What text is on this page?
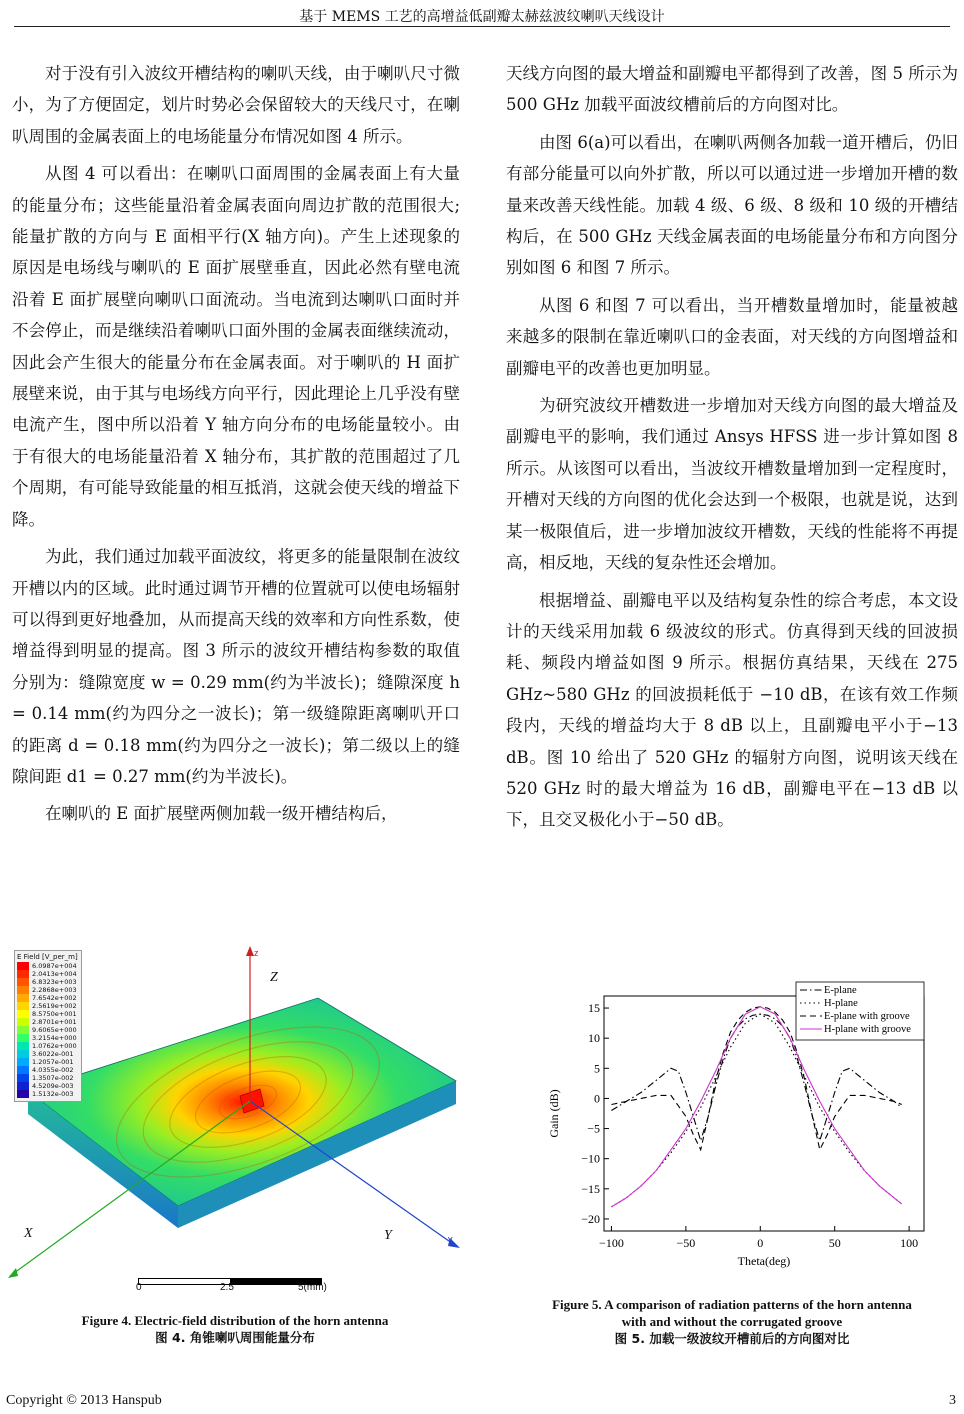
基于 MEMS 工艺的高增益低副瓣太赫兹波纹喇叭天线设计

对于没有引入波纹开槽结构的喇叭天线，由于喇叭尺寸微小，为了方便固定，划片时势必会保留较大的天线尺寸，在喇叭周围的金属表面上的电场能量分布情况如图 4 所示。

从图 4 可以看出：在喇叭口面周围的金属表面上有大量的能量分布；这些能量沿着金属表面向周边扩散的范围很大;能量扩散的方向与 E 面相平行(X 轴方向)。产生上述现象的原因是电场线与喇叭的 E 面扩展壁垂直，因此必然有壁电流沿着 E 面扩展壁向喇叭口面流动。当电流到达喇叭口面时并不会停止，而是继续沿着喇叭口面外围的金属表面继续流动，因此会产生很大的能量分布在金属表面。对于喇叭的 H 面扩展壁来说，由于其与电场线方向平行，因此理论上几乎没有壁电流产生，图中所以沿着 Y 轴方向分布的电场能量较小。由于有很大的电场能量沿着 X 轴分布，其扩散的范围超过了几个周期，有可能导致能量的相互抵消，这就会使天线的增益下降。

为此，我们通过加载平面波纹，将更多的能量限制在波纹开槽以内的区域。此时通过调节开槽的位置就可以使电场辐射可以得到更好地叠加，从而提高天线的效率和方向性系数，使增益得到明显的提高。图 3 所示的波纹开槽结构参数的取值分别为：缝隙宽度 w = 0.29 mm(约为半波长)；缝隙深度 h = 0.14 mm(约为四分之一波长)；第一级缝隙距离喇叭开口的距离 d = 0.18 mm(约为四分之一波长)；第二级以上的缝隙间距 d1 = 0.27 mm(约为半波长)。

在喇叭的 E 面扩展壁两侧加载一级开槽结构后，

天线方向图的最大增益和副瓣电平都得到了改善，图 5 所示为 500 GHz 加载平面波纹槽前后的方向图对比。

由图 6(a)可以看出，在喇叭两侧各加载一道开槽后，仍旧有部分能量可以向外扩散，所以可以通过进一步增加开槽的数量来改善天线性能。加载 4 级、6 级、8 级和 10 级的开槽结构后，在 500 GHz 天线金属表面的电场能量分布和方向图分别如图 6 和图 7 所示。

从图 6 和图 7 可以看出，当开槽数量增加时，能量被越来越多的限制在靠近喇叭口的金表面，对天线的方向图增益和副瓣电平的改善也更加明显。

为研究波纹开槽数进一步增加对天线方向图的最大增益及副瓣电平的影响，我们通过 Ansys HFSS 进一步计算如图 8 所示。从该图可以看出，当波纹开槽数量增加到一定程度时，开槽对天线的方向图的优化会达到一个极限，也就是说，达到某一极限值后，进一步增加波纹开槽数，天线的性能将不再提高，相反地，天线的复杂性还会增加。

根据增益、副瓣电平以及结构复杂性的综合考虑，本文设计的天线采用加载 6 级波纹的形式。仿真得到天线的回波损耗、频段内增益如图 9 所示。根据仿真结果，天线在 275 GHz~580 GHz 的回波损耗低于 −10 dB，在该有效工作频段内，天线的增益均大于 8 dB 以上，且副瓣电平小于−13 dB。图 10 给出了 520 GHz 的辐射方向图，说明该天线在 520 GHz 时的最大增益为 16 dB，副瓣电平在−13 dB 以下，且交叉极化小于−50 dB。

E Field [V_per_m]
6.0987e+004
2.0413e+004
6.8323e+003
2.2868e+003
7.6542e+002
2.5619e+002
8.5750e+001
2.8701e+001
9.6065e+000
3.2154e+000
1.0762e+000
3.6022e-001
1.2057e-001
4.0355e-002
1.3507e-002
4.5209e-003
1.5132e-003
Z
z
X	Y	y
0	2.5	5(mm)
Figure 4. Electric-field distribution of the horn antenna
图 4. 角锥喇叭周围能量分布
−100	−50	0	50	100
15
10
5
0
−5
−10
−15
−20
Theta(deg)
Gain (dB)
E-plane
H-plane
E-plane with groove
H-plane with groove
Figure 5. A comparison of radiation patterns of the horn antenna
with and without the corrugated groove
图 5. 加载一级波纹开槽前后的方向图对比
Copyright © 2013 Hanspub	3
